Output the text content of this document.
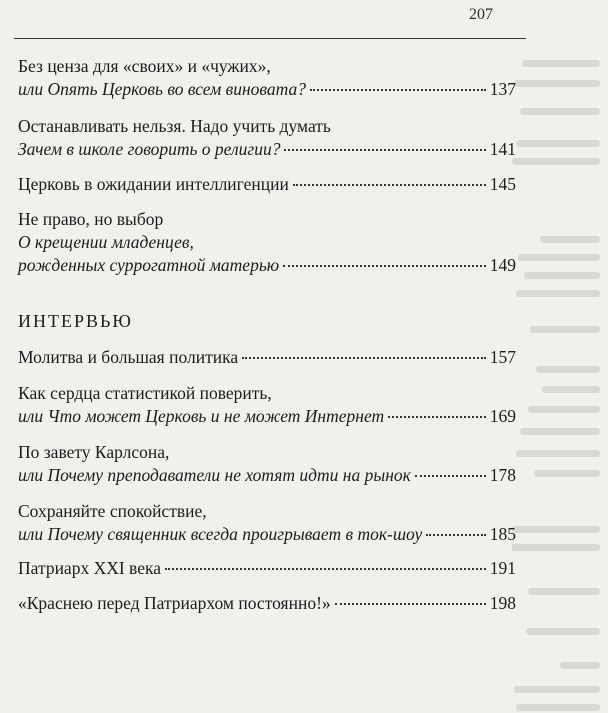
207
Без ценза для «своих» и «чужих»,
или Опять Церковь во всем виновата?	137
Останавливать нельзя. Надо учить думать
Зачем в школе говорить о религии?	141
Церковь в ожидании интеллигенции	145
Не право, но выбор
О крещении младенцев,
рожденных суррогатной матерью	149
ИНТЕРВЬЮ
Молитва и большая политика	157
Как сердца статистикой поверить,
или Что может Церковь и не может Интернет	169
По завету Карлсона,
или Почему преподаватели не хотят идти на рынок	178
Сохраняйте спокойствие,
или Почему священник всегда проигрывает в ток-шоу	185
Патриарх XXI века	191
«Краснею перед Патриархом постоянно!»	198
